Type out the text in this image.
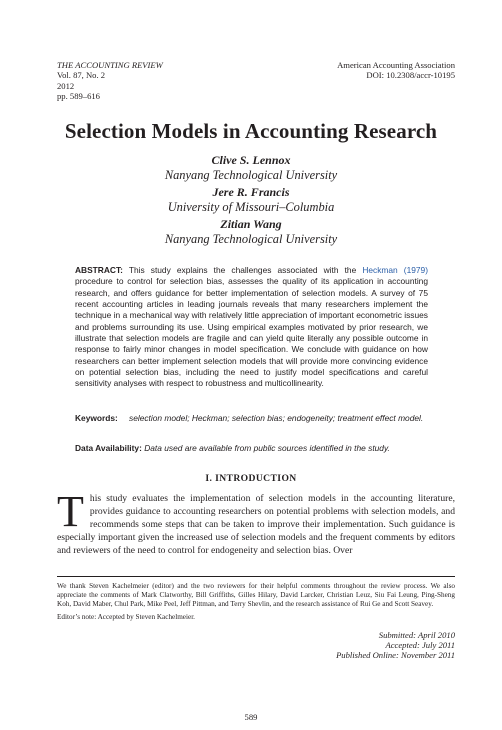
THE ACCOUNTING REVIEW
Vol. 87, No. 2
2012
pp. 589–616
American Accounting Association
DOI: 10.2308/accr-10195
Selection Models in Accounting Research
Clive S. Lennox
Nanyang Technological University
Jere R. Francis
University of Missouri–Columbia
Zitian Wang
Nanyang Technological University
ABSTRACT: This study explains the challenges associated with the Heckman (1979) procedure to control for selection bias, assesses the quality of its application in accounting research, and offers guidance for better implementation of selection models. A survey of 75 recent accounting articles in leading journals reveals that many researchers implement the technique in a mechanical way with relatively little appreciation of important econometric issues and problems surrounding its use. Using empirical examples motivated by prior research, we illustrate that selection models are fragile and can yield quite literally any possible outcome in response to fairly minor changes in model specification. We conclude with guidance on how researchers can better implement selection models that will provide more convincing evidence on potential selection bias, including the need to justify model specifications and careful sensitivity analyses with respect to robustness and multicollinearity.
Keywords: selection model; Heckman; selection bias; endogeneity; treatment effect model.
Data Availability: Data used are available from public sources identified in the study.
I. INTRODUCTION
This study evaluates the implementation of selection models in the accounting literature, provides guidance to accounting researchers on potential problems with selection models, and recommends some steps that can be taken to improve their implementation. Such guidance is especially important given the increased use of selection models and the frequent comments by editors and reviewers of the need to control for endogeneity and selection bias. Over

We thank Steven Kachelmeier (editor) and the two reviewers for their helpful comments throughout the review process. We also appreciate the comments of Mark Clatworthy, Bill Griffiths, Gilles Hilary, David Larcker, Christian Leuz, Siu Fai Leung, Ping-Sheng Koh, David Maber, Chul Park, Mike Peel, Jeff Pittman, and Terry Shevlin, and the research assistance of Rui Ge and Scott Seavey.

Editor’s note: Accepted by Steven Kachelmeier.

Submitted: April 2010
Accepted: July 2011
Published Online: November 2011
589
